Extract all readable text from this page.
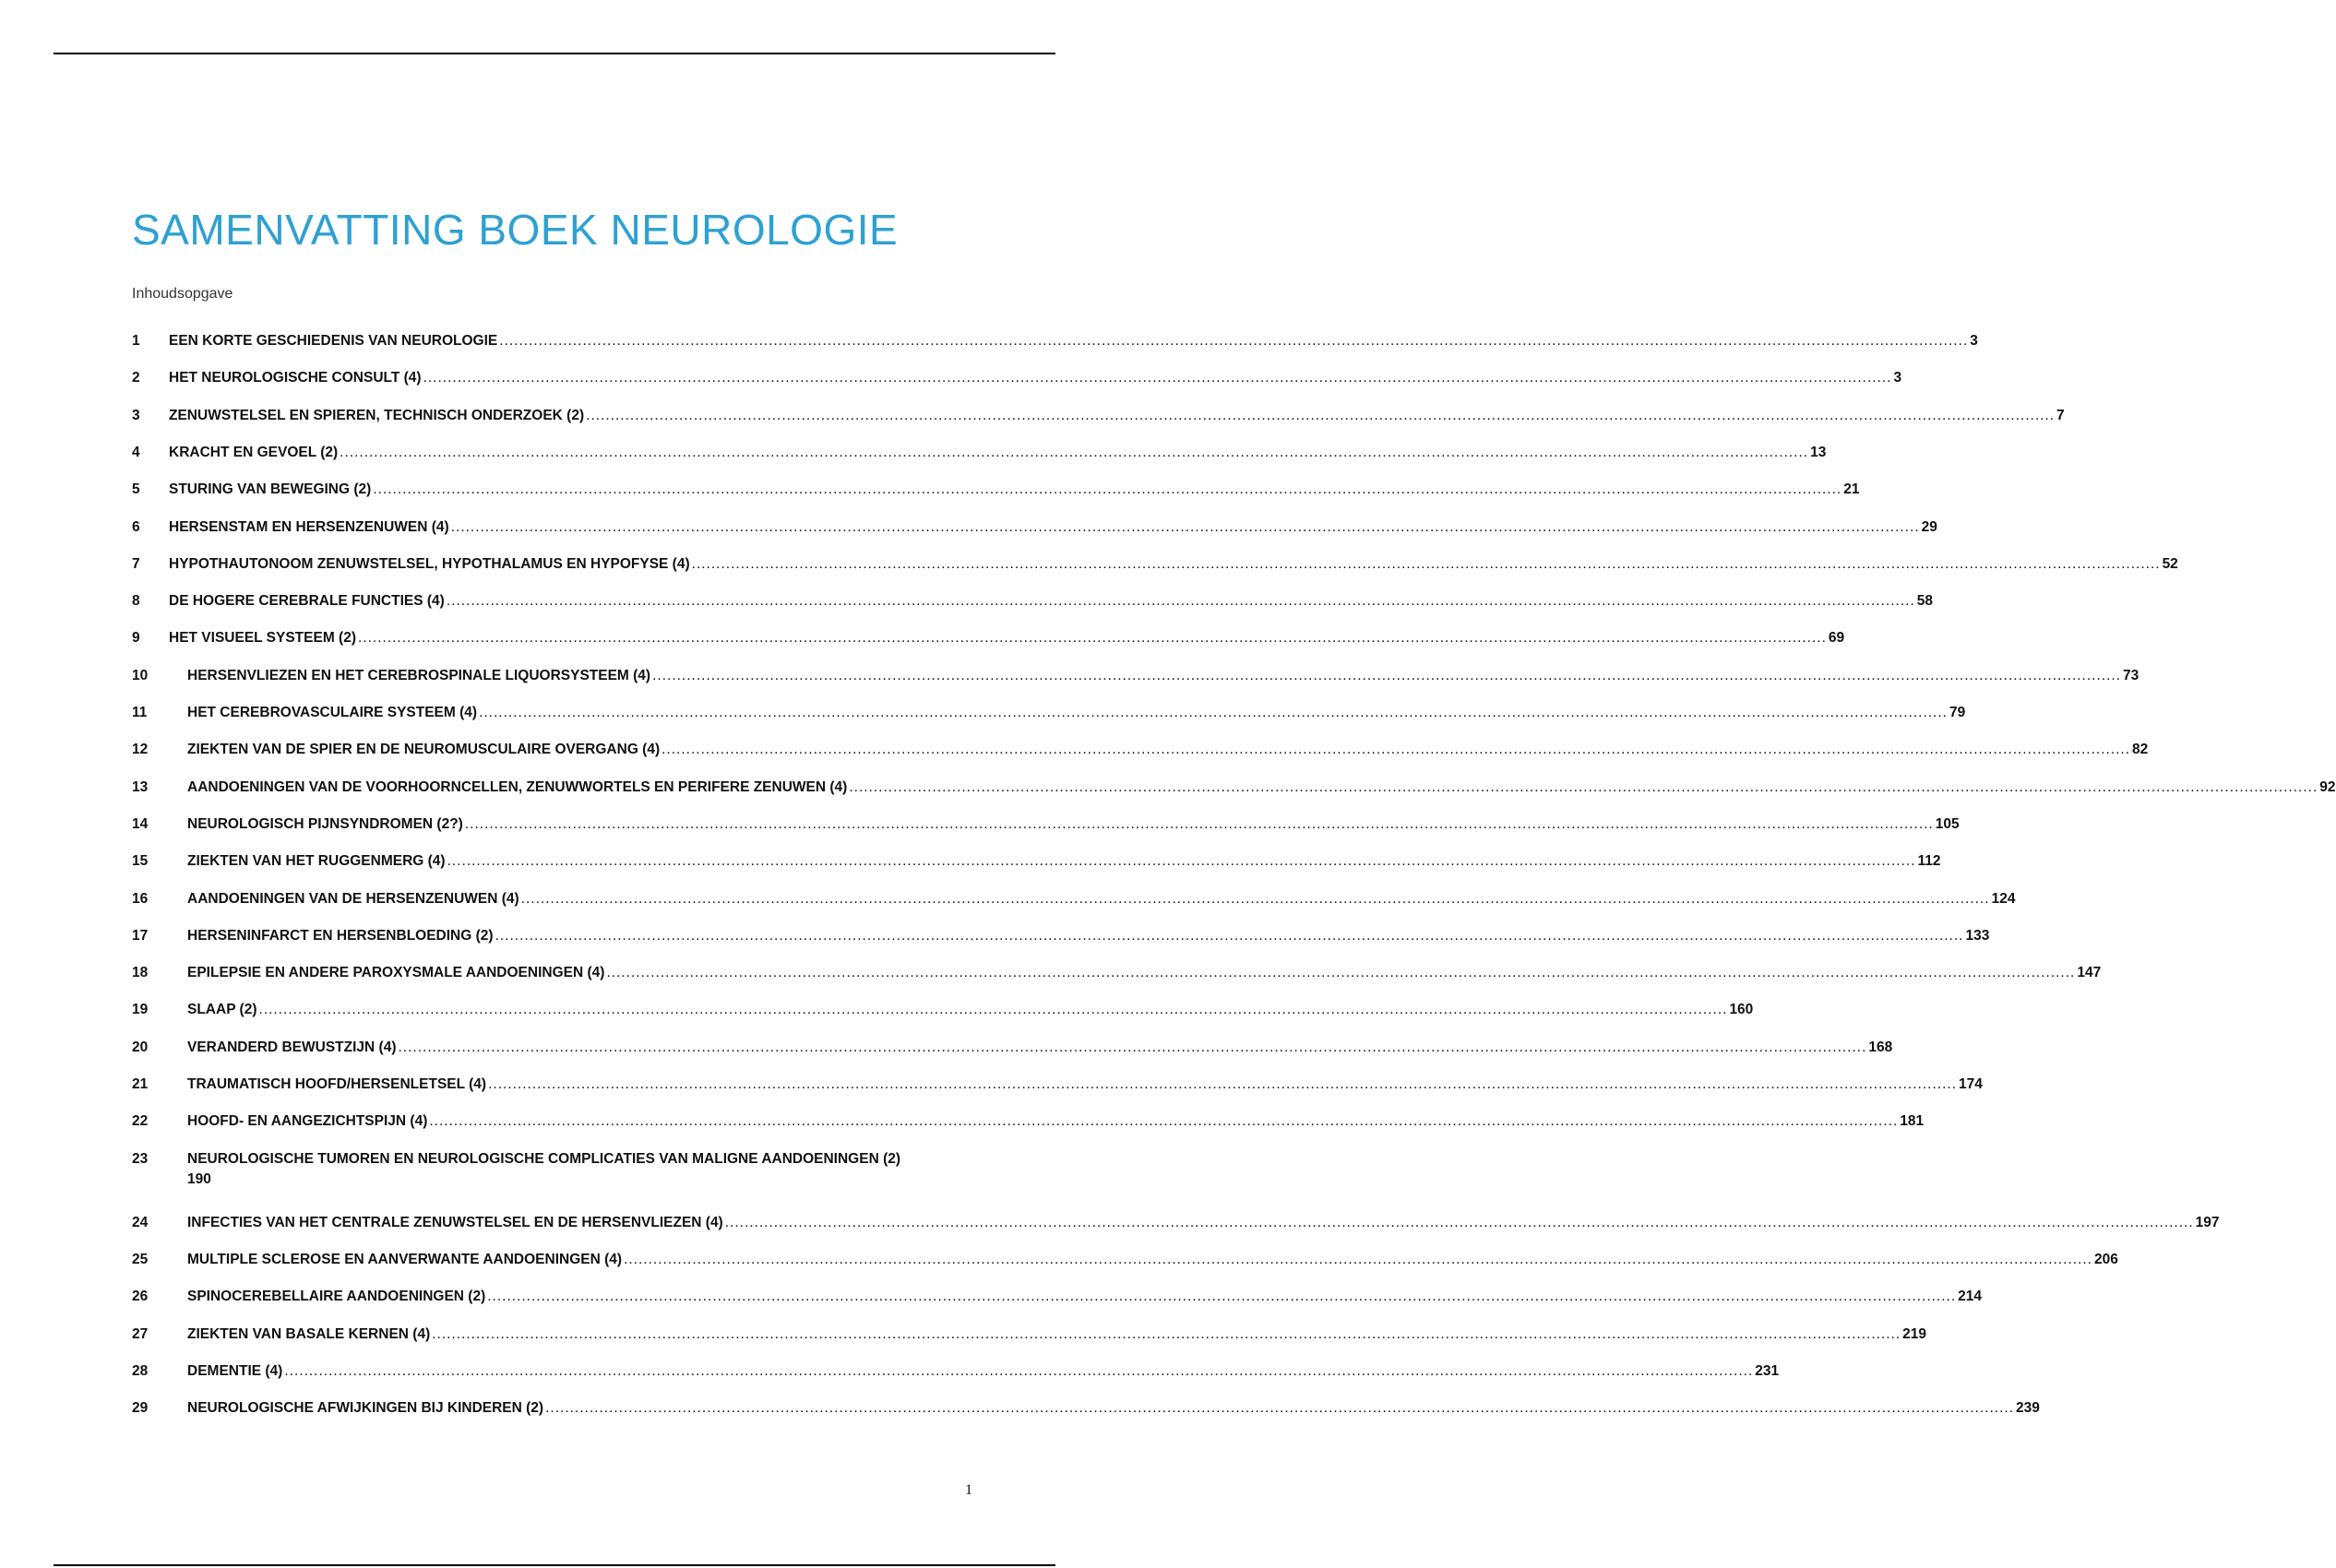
SAMENVATTING BOEK NEUROLOGIE
Inhoudsopgave
1 EEN KORTE GESCHIEDENIS VAN NEUROLOGIE ............................................................................................................................................................................................................................................................................................................ 3
2 HET NEUROLOGISCHE CONSULT (4) ............................................................................................................................................................................................................................................................................................................ 3
3 ZENUWSTELSEL EN SPIEREN, TECHNISCH ONDERZOEK (2) ............................................................................................................................................................................................................................................................................................................ 7
4 KRACHT EN GEVOEL (2) ............................................................................................................................................................................................................................................................................................................ 13
5 STURING VAN BEWEGING (2) ............................................................................................................................................................................................................................................................................................................ 21
6 HERSENSTAM EN HERSENZENUWEN (4) ............................................................................................................................................................................................................................................................................................................ 29
7 HYPOTHAUTONOOM ZENUWSTELSEL, HYPOTHALAMUS EN HYPOFYSE (4) ............................................................................................................................................................................................................................................................................................................ 52
8 DE HOGERE CEREBRALE FUNCTIES (4) ............................................................................................................................................................................................................................................................................................................ 58
9 HET VISUEEL SYSTEEM (2) ............................................................................................................................................................................................................................................................................................................ 69
10	HERSENVLIEZEN EN HET CEREBROSPINALE LIQUORSYSTEEM (4) ............................................................................................................................................................................................................................................................................................................ 73
11	HET CEREBROVASCULAIRE SYSTEEM (4) ............................................................................................................................................................................................................................................................................................................ 79
12	ZIEKTEN VAN DE SPIER EN DE NEUROMUSCULAIRE OVERGANG (4) ............................................................................................................................................................................................................................................................................................................ 82
13	AANDOENINGEN VAN DE VOORHOORNCELLEN, ZENUWWORTELS EN PERIFERE ZENUWEN (4) ............................................................................................................................................................................................................................................................................................................ 92
14	NEUROLOGISCH PIJNSYNDROMEN (2?) ............................................................................................................................................................................................................................................................................................................ 105
15	ZIEKTEN VAN HET RUGGENMERG (4) ............................................................................................................................................................................................................................................................................................................ 112
16	AANDOENINGEN VAN DE HERSENZENUWEN (4) ............................................................................................................................................................................................................................................................................................................ 124
17	HERSENINFARCT EN HERSENBLOEDING (2) ............................................................................................................................................................................................................................................................................................................ 133
18	EPILEPSIE EN ANDERE PAROXYSMALE AANDOENINGEN (4) ............................................................................................................................................................................................................................................................................................................ 147
19	SLAAP (2) ............................................................................................................................................................................................................................................................................................................ 160
20	VERANDERD BEWUSTZIJN (4) ............................................................................................................................................................................................................................................................................................................ 168
21	TRAUMATISCH HOOFD/HERSENLETSEL (4) ............................................................................................................................................................................................................................................................................................................ 174
22	HOOFD- EN AANGEZICHTSPIJN (4) ............................................................................................................................................................................................................................................................................................................ 181
23	NEUROLOGISCHE TUMOREN EN NEUROLOGISCHE COMPLICATIES VAN MALIGNE AANDOENINGEN (2)
190
24	INFECTIES VAN HET CENTRALE ZENUWSTELSEL EN DE HERSENVLIEZEN (4) ............................................................................................................................................................................................................................................................................................................ 197
25	MULTIPLE SCLEROSE EN AANVERWANTE AANDOENINGEN (4) ............................................................................................................................................................................................................................................................................................................ 206
26	SPINOCEREBELLAIRE AANDOENINGEN (2) ............................................................................................................................................................................................................................................................................................................ 214
27	ZIEKTEN VAN BASALE KERNEN (4) ............................................................................................................................................................................................................................................................................................................ 219
28	DEMENTIE (4) ............................................................................................................................................................................................................................................................................................................ 231
29	NEUROLOGISCHE AFWIJKINGEN BIJ KINDEREN (2) ............................................................................................................................................................................................................................................................................................................ 239
1
